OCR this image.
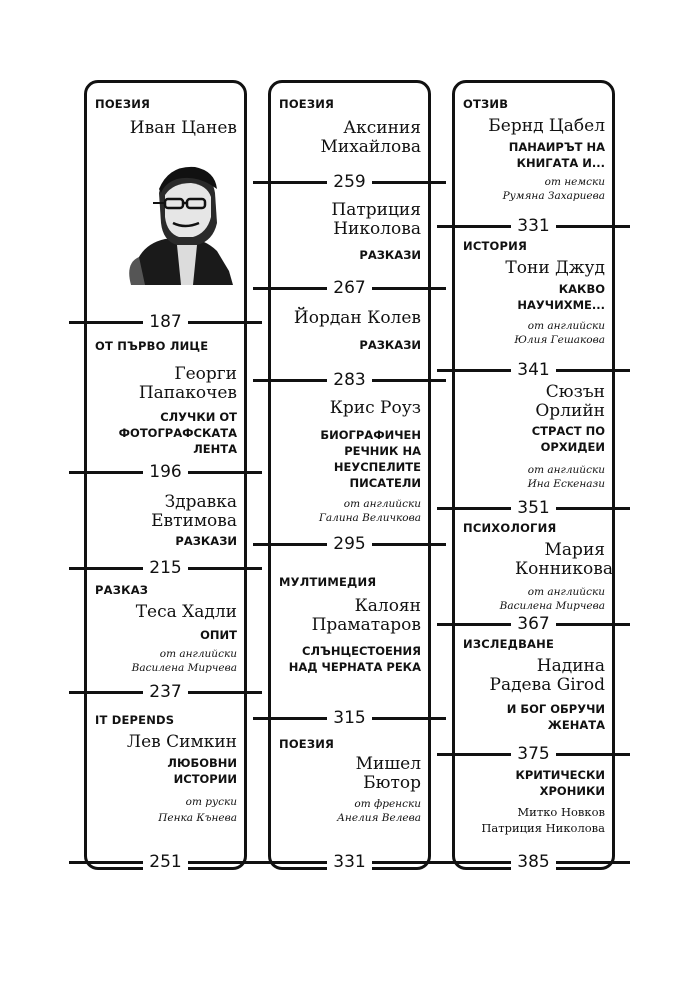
ПОЕЗИЯ
Иван Цанев
187
ОТ ПЪРВО ЛИЦЕ
Георги Папакочев
СЛУЧКИ ОТ ФОТОГРАФСКАТА ЛЕНТА
196
Здравка Евтимова
РАЗКАЗИ
215
РАЗКАЗ
Теса Хадли
ОПИТ
от английски
Василена Мирчева
237
IT DEPENDS
Лев Симкин
ЛЮБОВНИ ИСТОРИИ
от руски
Пенка Кънева
251
ПОЕЗИЯ
Аксиния Михайлова
259
Патриция Николова
РАЗКАЗИ
267
Йордан Колев
РАЗКАЗИ
283
Крис Роуз
БИОГРАФИЧЕН РЕЧНИК НА НЕУСПЕЛИТЕ ПИСАТЕЛИ
от английски
Галина Величкова
295
МУЛТИМЕДИЯ
Калоян Праматаров
СЛЪНЦЕСТОЕНИЯ НАД ЧЕРНАТА РЕКА
315
ПОЕЗИЯ
Мишел Бютор
от френски
Анелия Велева
331
ОТЗИВ
Бернд Цабел
ПАНАИРЪТ НА КНИГАТА И...
от немски
Румяна Захариева
331
ИСТОРИЯ
Тони Джуд
КАКВО НАУЧИХМЕ...
от английски
Юлия Гешакова
341
Сюзън Орлийн
СТРАСТ ПО ОРХИДЕИ
от английски
Ина Ескенази
351
ПСИХОЛОГИЯ
Мария Конникова
от английски
Василена Мирчева
367
ИЗСЛЕДВАНЕ
Надина Радева Girod
И БОГ ОБРУЧИ ЖЕНАТА
375
КРИТИЧЕСКИ ХРОНИКИ
Митко Новков
Патриция Николова
385
